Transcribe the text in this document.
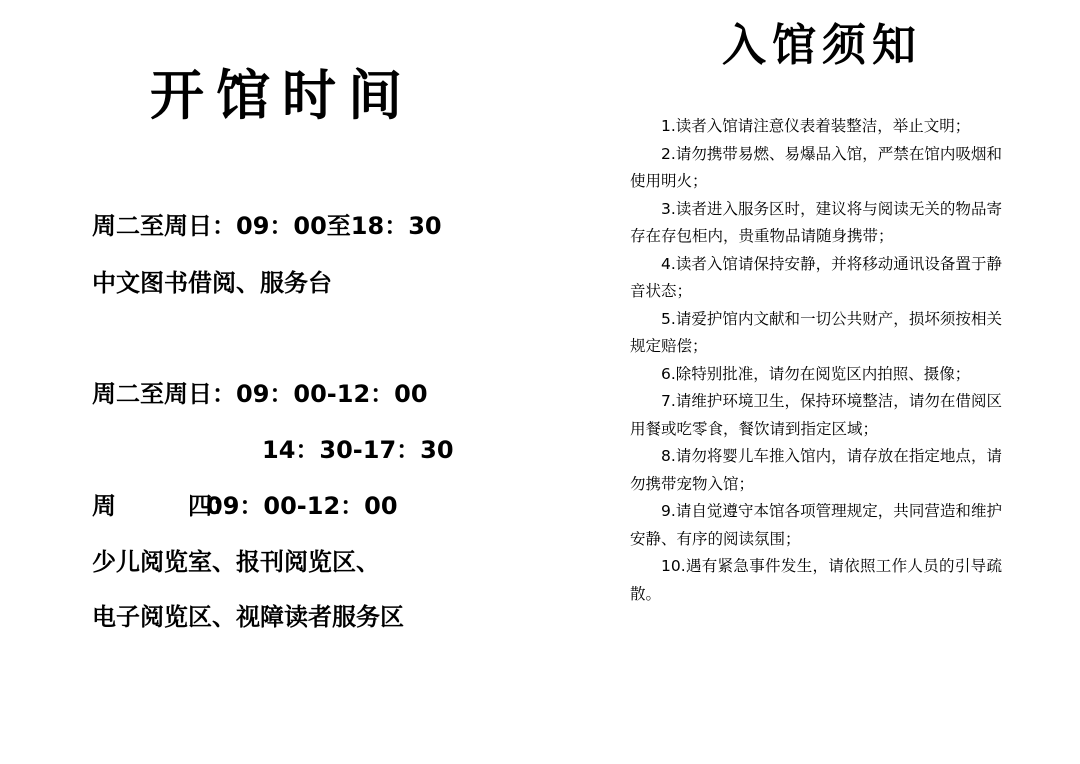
开馆时间
周二至周日：09：00至18：30
中文图书借阅、服务台
周二至周日：09：00-12：00
14：30-17：30
周　　　四：09：00-12：00
少儿阅览室、报刊阅览区、
电子阅览区、视障读者服务区
入馆须知
1.读者入馆请注意仪表着装整洁，举止文明；
2.请勿携带易燃、易爆品入馆，严禁在馆内吸烟和使用明火；
3.读者进入服务区时，建议将与阅读无关的物品寄存在存包柜内，贵重物品请随身携带；
4.读者入馆请保持安静，并将移动通讯设备置于静音状态；
5.请爱护馆内文献和一切公共财产，损坏须按相关规定赔偿；
6.除特别批准，请勿在阅览区内拍照、摄像；
7.请维护环境卫生，保持环境整洁，请勿在借阅区用餐或吃零食，餐饮请到指定区域；
8.请勿将婴儿车推入馆内，请存放在指定地点，请勿携带宠物入馆；
9.请自觉遵守本馆各项管理规定，共同营造和维护安静、有序的阅读氛围；
10.遇有紧急事件发生，请依照工作人员的引导疏散。
